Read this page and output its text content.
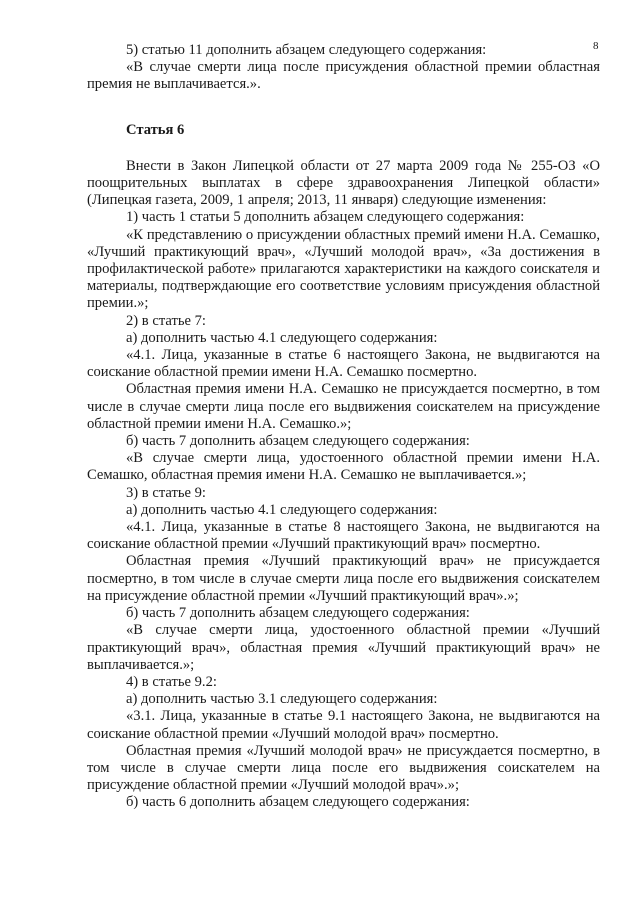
8

5) статью 11 дополнить абзацем следующего содержания:

«В случае смерти лица после присуждения областной премии областная премия не выплачивается.».

Статья 6

Внести в Закон Липецкой области от 27 марта 2009 года № 255-ОЗ «О поощрительных выплатах в сфере здравоохранения Липецкой области» (Липецкая газета, 2009, 1 апреля; 2013, 11 января) следующие изменения:

1) часть 1 статьи 5 дополнить абзацем следующего содержания:

«К представлению о присуждении областных премий имени Н.А. Семашко, «Лучший практикующий врач», «Лучший молодой врач», «За достижения в профилактической работе» прилагаются характеристики на каждого соискателя и материалы, подтверждающие его соответствие условиям присуждения областной премии.»;

2) в статье 7:

а) дополнить частью 4.1 следующего содержания:

«4.1. Лица, указанные в статье 6 настоящего Закона, не выдвигаются на соискание областной премии имени Н.А. Семашко посмертно.

Областная премия имени Н.А. Семашко не присуждается посмертно, в том числе в случае смерти лица после его выдвижения соискателем на присуждение областной премии имени Н.А. Семашко.»;

б) часть 7 дополнить абзацем следующего содержания:

«В случае смерти лица, удостоенного областной премии имени Н.А. Семашко, областная премия имени Н.А. Семашко не выплачивается.»;

3) в статье 9:

а) дополнить частью 4.1 следующего содержания:

«4.1. Лица, указанные в статье 8 настоящего Закона, не выдвигаются на соискание областной премии «Лучший практикующий врач» посмертно.

Областная премия «Лучший практикующий врач» не присуждается посмертно, в том числе в случае смерти лица после его выдвижения соискателем на присуждение областной премии «Лучший практикующий врач».»;

б) часть 7 дополнить абзацем следующего содержания:

«В случае смерти лица, удостоенного областной премии «Лучший практикующий врач», областная премия «Лучший практикующий врач» не выплачивается.»;

4) в статье 9.2:

а) дополнить частью 3.1 следующего содержания:

«3.1. Лица, указанные в статье 9.1 настоящего Закона, не выдвигаются на соискание областной премии «Лучший молодой врач» посмертно.

Областная премия «Лучший молодой врач» не присуждается посмертно, в том числе в случае смерти лица после его выдвижения соискателем на присуждение областной премии «Лучший молодой врач».»;

б) часть 6 дополнить абзацем следующего содержания:
